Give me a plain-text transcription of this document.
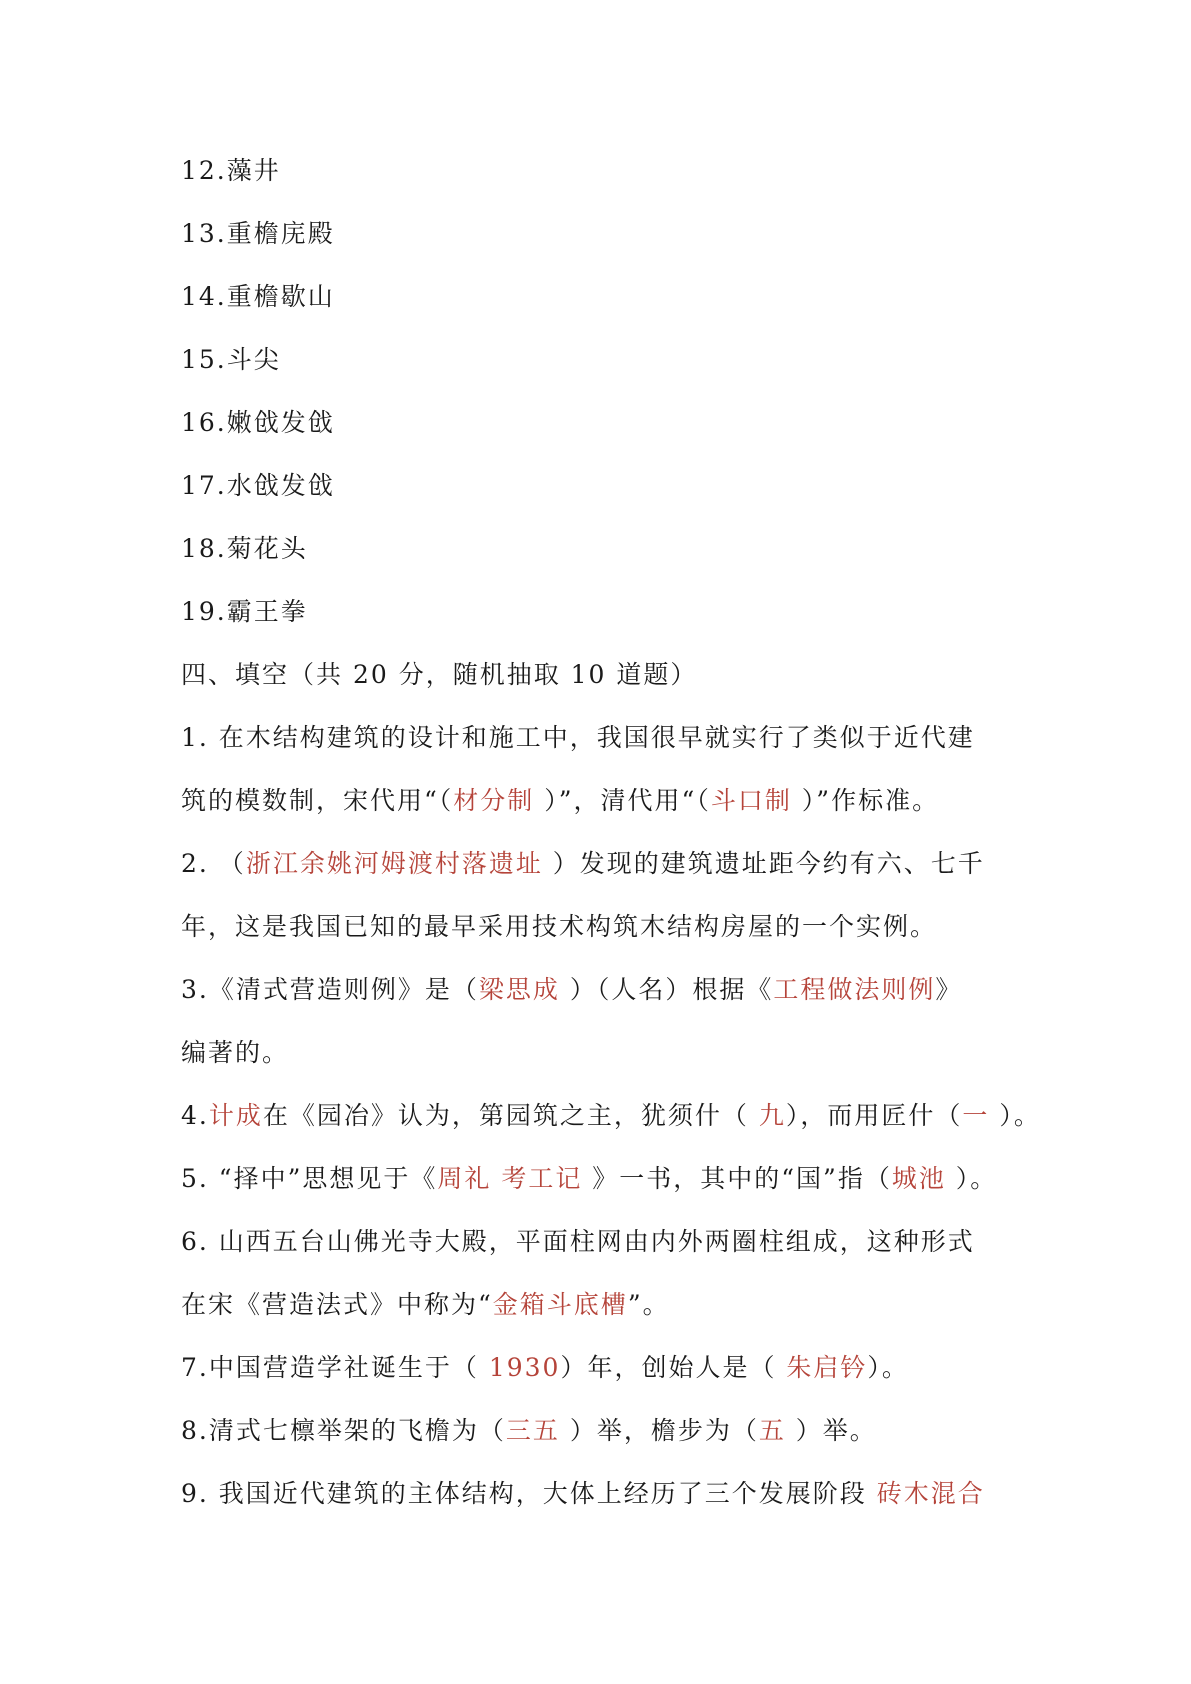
12.藻井
13.重檐庑殿
14.重檐歇山
15.斗尖
16.嫩戗发戗
17.水戗发戗
18.菊花头
19.霸王拳
四、填空（共 20 分，随机抽取 10 道题）
1. 在木结构建筑的设计和施工中，我国很早就实行了类似于近代建
筑的模数制，宋代用“（材分制 ）”，清代用“（斗口制 ）”作标准。
2. （浙江余姚河姆渡村落遗址 ）发现的建筑遗址距今约有六、七千
年，这是我国已知的最早采用技术构筑木结构房屋的一个实例。
3.《清式营造则例》是（梁思成 ）（人名）根据《工程做法则例》
编著的。
4.计成在《园冶》认为，第园筑之主，犹须什（ 九），而用匠什（一 ）。
5. “择中”思想见于《周礼 考工记 》一书，其中的“国”指（城池 ）。
6. 山西五台山佛光寺大殿，平面柱网由内外两圈柱组成，这种形式
在宋《营造法式》中称为“金箱斗底槽”。
7.中国营造学社诞生于（ 1930）年，创始人是（ 朱启钤）。
8.清式七檩举架的飞檐为（三五 ）举，檐步为（五 ）举。
9. 我国近代建筑的主体结构，大体上经历了三个发展阶段 砖木混合
